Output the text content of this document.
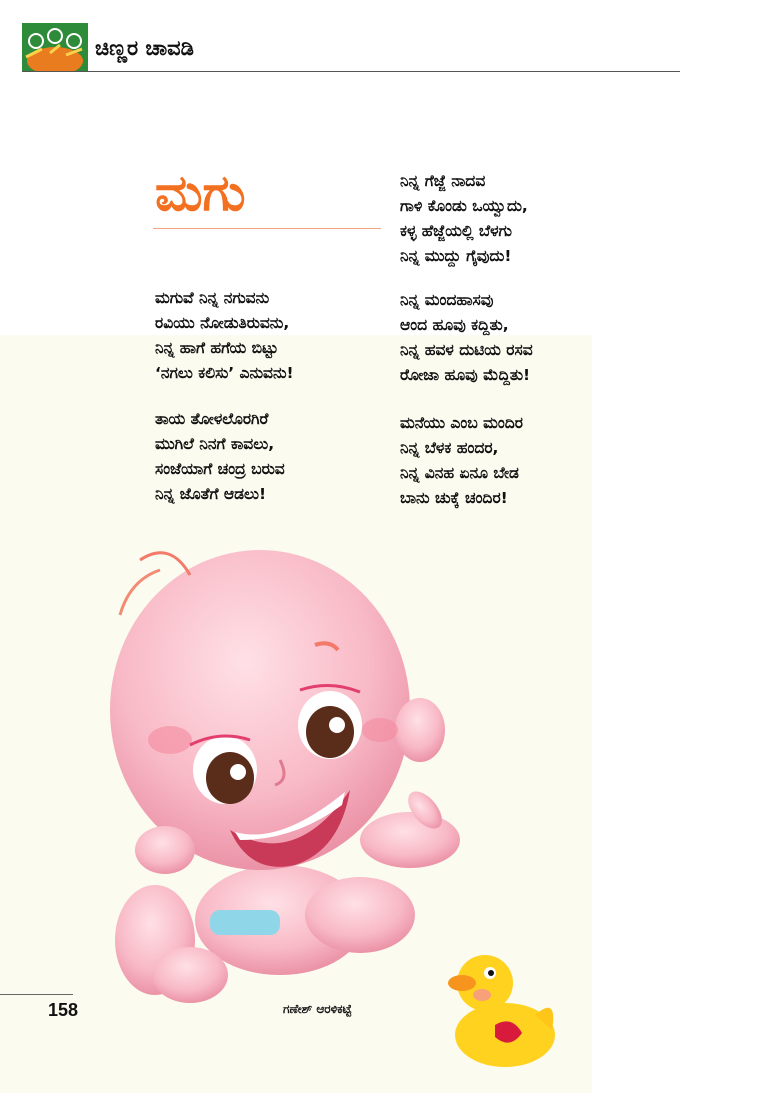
ಚಿಣ್ಣರ ಚಾವಡಿ
ಮಗು
ಮಗುವೆ ನಿನ್ನ ನಗುವನು
ರವಿಯು ನೋಡುತಿರುವನು,
ನಿನ್ನ ಹಾಗೆ ಹಗೆಯ ಬಿಟ್ಟು
‘ನಗಲು ಕಲಿಸು’ ಎನುವನು!
ತಾಯ ತೋಳಲೊರಗಿರೆ
ಮುಗಿಲೆ ನಿನಗೆ ಕಾವಲು,
ಸಂಜೆಯಾಗೆ ಚಂದ್ರ ಬರುವ
ನಿನ್ನ ಜೊತೆಗೆ ಆಡಲು!
ನಿನ್ನ ಗೆಜ್ಜೆ ನಾದವ
ಗಾಳಿ ಕೊಂಡು ಒಯ್ವುದು,
ಕಳ್ಳ ಹೆಜ್ಜೆಯಲ್ಲಿ ಬೆಳಗು
ನಿನ್ನ ಮುದ್ದು ಗೈವುದು!
ನಿನ್ನ ಮಂದಹಾಸವು
ಆಂದ ಹೂವು ಕದ್ದಿತು,
ನಿನ್ನ ಹವಳ ದುಟಿಯ ರಸವ
ರೋಜಾ ಹೂವು ಮೆದ್ದಿತು!
ಮನೆಯು ಎಂಬ ಮಂದಿರ
ನಿನ್ನ ಬೆಳಕ ಹಂದರ,
ನಿನ್ನ ವಿನಹ ಏನೂ ಬೇಡ
ಬಾನು ಚುಕ್ಕೆ ಚಂದಿರ!
158	ಗಣೇಶ್ ಆರಳಿಕಟ್ಟೆ
